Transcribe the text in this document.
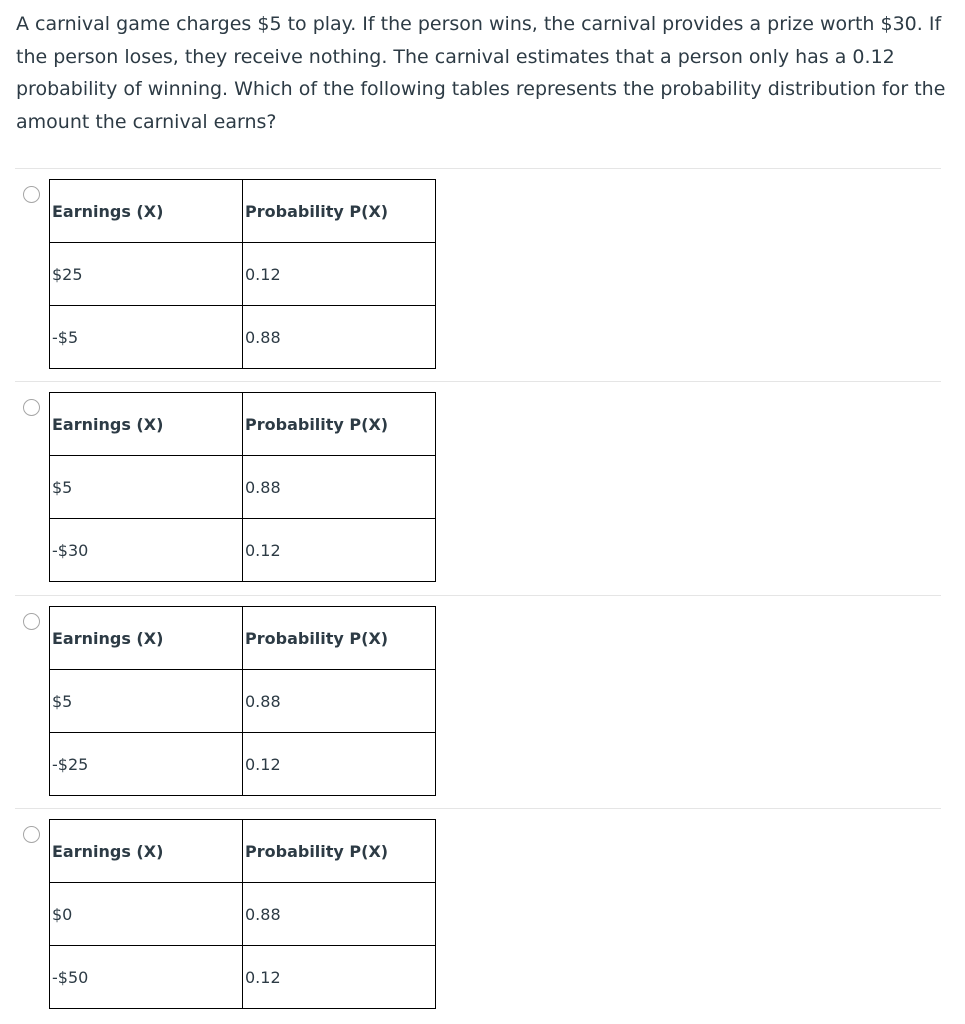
A carnival game charges $5 to play. If the person wins, the carnival provides a prize worth $30. If the person loses, they receive nothing. The carnival estimates that a person only has a 0.12 probability of winning. Which of the following tables represents the probability distribution for the amount the carnival earns?

Earnings (X)	Probability P(X)
$25	0.12
-$5	0.88
Earnings (X)	Probability P(X)
$5	0.88
-$30	0.12
Earnings (X)	Probability P(X)
$5	0.88
-$25	0.12
Earnings (X)	Probability P(X)
$0	0.88
-$50	0.12
